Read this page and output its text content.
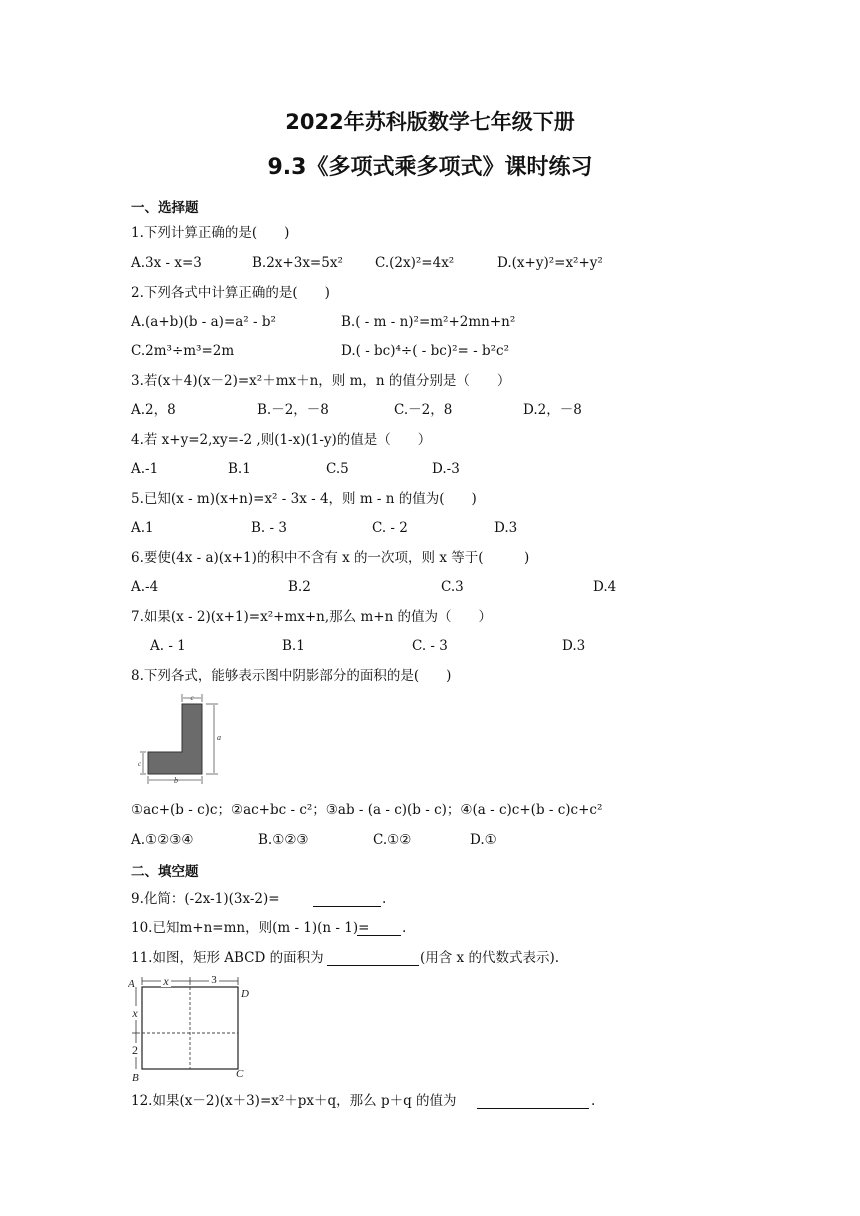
2022年苏科版数学七年级下册
9.3《多项式乘多项式》课时练习
一、选择题
1.下列计算正确的是(　　)
A.3x - x=3	B.2x+3x=5x² C.(2x)²=4x²	D.(x+y)²=x²+y²
2.下列各式中计算正确的是(　　)
A.(a+b)(b - a)=a² - b²	B.( - m - n)²=m²+2mn+n²
C.2m³÷m³=2m	D.( - bc)⁴÷( - bc)²= - b²c²
3.若(x＋4)(x－2)=x²＋mx＋n，则 m，n 的值分别是（　　）
A.2，8	B.－2，－8	C.－2，8	D.2，－8
4.若 x+y=2,xy=-2 ,则(1-x)(1-y)的值是（　　）
A.-1	B.1	C.5	D.-3
5.已知(x - m)(x+n)=x² - 3x - 4，则 m - n 的值为(　　)
A.1	B. - 3	C. - 2	D.3
6.要使(4x - a)(x+1)的积中不含有 x 的一次项，则 x 等于(　　　)
A.-4	B.2	C.3	D.4
7.如果(x - 2)(x+1)=x²+mx+n,那么 m+n 的值为（　　）
A. - 1	B.1	C. - 3	D.3
8.下列各式，能够表示图中阴影部分的面积的是(　　)
c
a
c
b
①ac+(b - c)c；②ac+bc - c²；③ab - (a - c)(b - c)；④(a - c)c+(b - c)c+c²
A.①②③④	B.①②③	C.①②	D.①
二、填空题
9.化简：(-2x-1)(3x-2)=	.
10.已知m+n=mn，则(m - 1)(n - 1)= .
11.如图，矩形 ABCD 的面积为	(用含 x 的代数式表示).
x	3
x
2
A
D
B	C
12.如果(x－2)(x＋3)=x²＋px＋q，那么 p＋q 的值为	.
